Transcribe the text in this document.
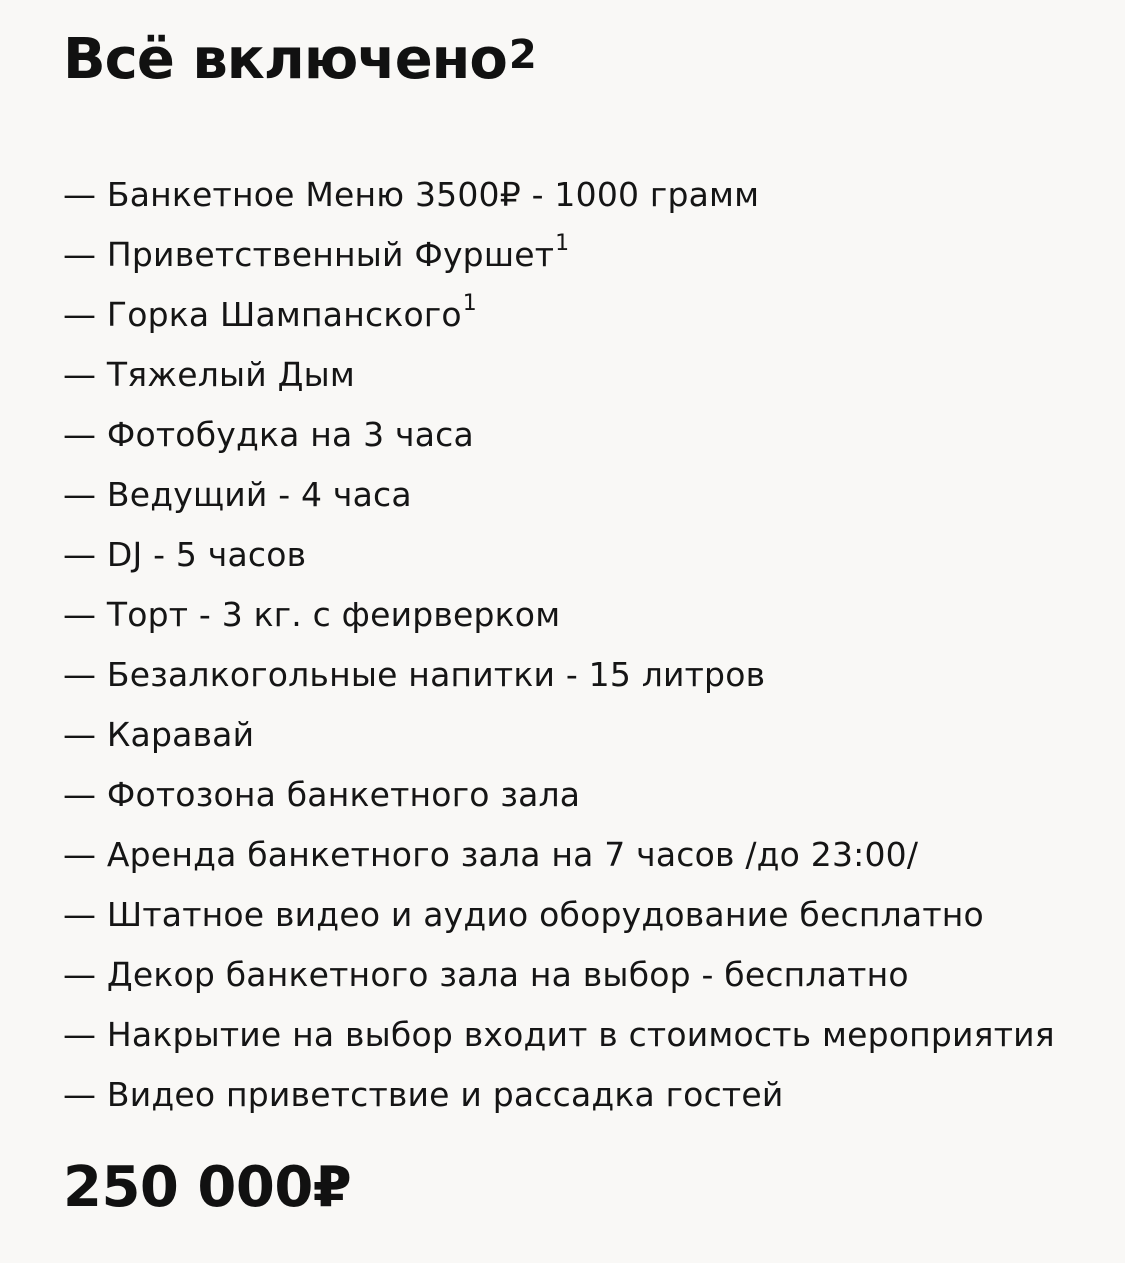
Всё включено$^2$
— Банкетное Меню 3500₽ - 1000 грамм
— Приветственный Фуршет$^1$
— Горка Шампанского$^1$
— Тяжелый Дым
— Фотобудка на 3 часа
— Ведущий - 4 часа
— DJ - 5 часов
— Торт - 3 кг. с феирверком
— Безалкогольные напитки - 15 литров
— Каравай
— Фотозона банкетного зала
— Аренда банкетного зала на 7 часов /до 23:00/
— Штатное видео и аудио оборудование бесплатно
— Декор банкетного зала на выбор - бесплатно
— Накрытие на выбор входит в стоимость мероприятия
— Видео приветствие и рассадка гостей
250 000₽
